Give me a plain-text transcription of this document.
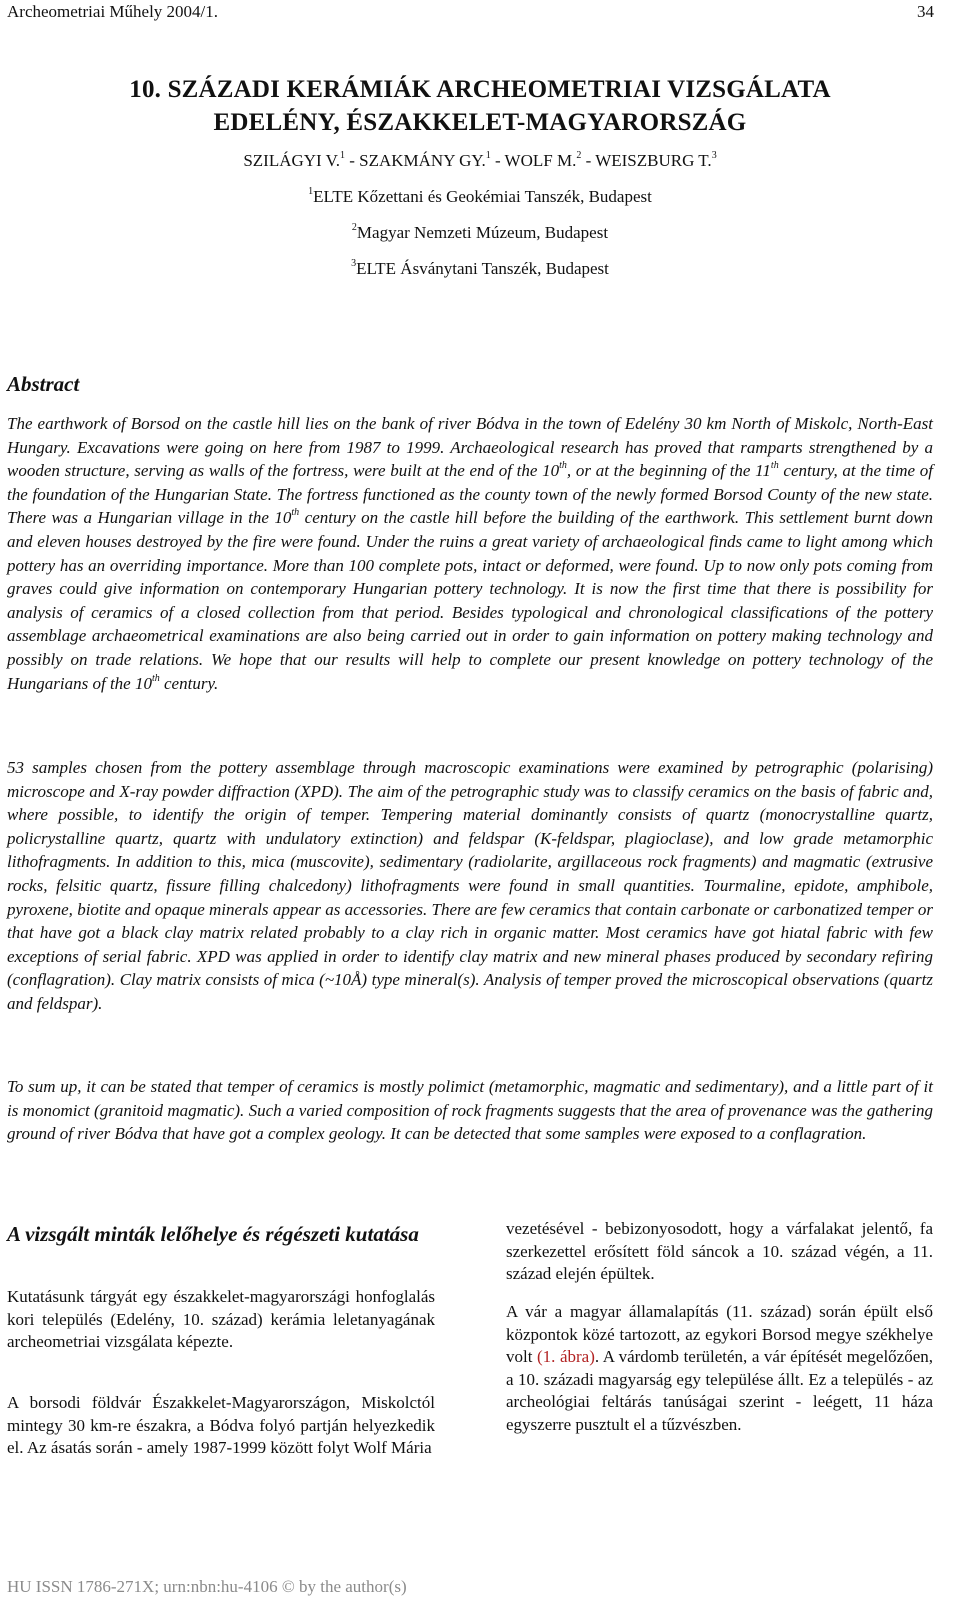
Archeometriai Műhely 2004/1.	34
10. SZÁZADI KERÁMIÁK ARCHEOMETRIAI VIZSGÁLATA
EDELÉNY, ÉSZAKKELET-MAGYARORSZÁG
SZILÁGYI V.$^1$ - SZAKMÁNY GY.$^1$ - WOLF M.$^2$ - WEISZBURG T.$^3$
$^1$ELTE Kőzettani és Geokémiai Tanszék, Budapest
$^2$Magyar Nemzeti Múzeum, Budapest
$^3$ELTE Ásványtani Tanszék, Budapest
Abstract

The earthwork of Borsod on the castle hill lies on the bank of river Bódva in the town of Edelény 30 km North of Miskolc, North-East Hungary. Excavations were going on here from 1987 to 1999. Archaeological research has proved that ramparts strengthened by a wooden structure, serving as walls of the fortress, were built at the end of the 10th, or at the beginning of the 11th century, at the time of the foundation of the Hungarian State. The fortress functioned as the county town of the newly formed Borsod County of the new state. There was a Hungarian village in the 10th century on the castle hill before the building of the earthwork. This settlement burnt down and eleven houses destroyed by the fire were found. Under the ruins a great variety of archaeological finds came to light among which pottery has an overriding importance. More than 100 complete pots, intact or deformed, were found. Up to now only pots coming from graves could give information on contemporary Hungarian pottery technology. It is now the first time that there is possibility for analysis of ceramics of a closed collection from that period. Besides typological and chronological classifications of the pottery assemblage archaeometrical examinations are also being carried out in order to gain information on pottery making technology and possibly on trade relations. We hope that our results will help to complete our present knowledge on pottery technology of the Hungarians of the 10th century.

53 samples chosen from the pottery assemblage through macroscopic examinations were examined by petrographic (polarising) microscope and X-ray powder diffraction (XPD). The aim of the petrographic study was to classify ceramics on the basis of fabric and, where possible, to identify the origin of temper. Tempering material dominantly consists of quartz (monocrystalline quartz, policrystalline quartz, quartz with undulatory extinction) and feldspar (K-feldspar, plagioclase), and low grade metamorphic lithofragments. In addition to this, mica (muscovite), sedimentary (radiolarite, argillaceous rock fragments) and magmatic (extrusive rocks, felsitic quartz, fissure filling chalcedony) lithofragments were found in small quantities. Tourmaline, epidote, amphibole, pyroxene, biotite and opaque minerals appear as accessories. There are few ceramics that contain carbonate or carbonatized temper or that have got a black clay matrix related probably to a clay rich in organic matter. Most ceramics have got hiatal fabric with few exceptions of serial fabric. XPD was applied in order to identify clay matrix and new mineral phases produced by secondary refiring (conflagration). Clay matrix consists of mica (~10Å) type mineral(s). Analysis of temper proved the microscopical observations (quartz and feldspar).

To sum up, it can be stated that temper of ceramics is mostly polimict (metamorphic, magmatic and sedimentary), and a little part of it is monomict (granitoid magmatic). Such a varied composition of rock fragments suggests that the area of provenance was the gathering ground of river Bódva that have got a complex geology. It can be detected that some samples were exposed to a conflagration.

A vizsgált minták lelőhelye és régészeti kutatása

Kutatásunk tárgyát egy északkelet-magyarországi honfoglalás kori település (Edelény, 10. század) kerámia leletanyagának archeometriai vizsgálata képezte.

A borsodi földvár Északkelet-Magyarországon, Miskolctól mintegy 30 km-re északra, a Bódva folyó partján helyezkedik el. Az ásatás során - amely 1987-1999 között folyt Wolf Mária

vezetésével - bebizonyosodott, hogy a várfalakat jelentő, fa szerkezettel erősített föld sáncok a 10. század végén, a 11. század elején épültek.

A vár a magyar államalapítás (11. század) során épült első központok közé tartozott, az egykori Borsod megye székhelye volt (1. ábra). A várdomb területén, a vár építését megelőzően, a 10. századi magyarság egy települése állt. Ez a település - az archeológiai feltárás tanúságai szerint - leégett, 11 háza egyszerre pusztult el a tűzvészben.

HU ISSN 1786-271X; urn:nbn:hu-4106 © by the author(s)
